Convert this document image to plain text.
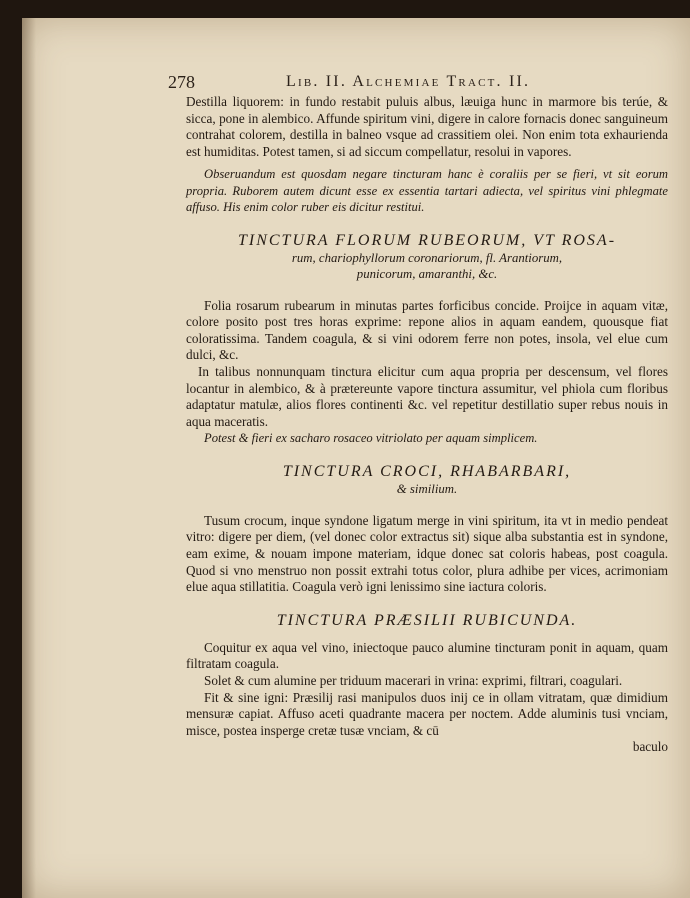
278	Lib. II. Alchemiae Tract. II.

Destilla liquorem: in fundo restabit puluis albus, læuiga hunc in marmore bis terúe, & sicca, pone in alembico. Affunde spiritum vini, digere in calore fornacis donec sanguineum contrahat colorem, destilla in balneo vsque ad crassitiem olei. Non enim tota exhaurienda est humiditas. Potest tamen, si ad siccum compellatur, resolui in vapores.

Obseruandum est quosdam negare tincturam hanc è coraliis per se fieri, vt sit eorum propria. Ruborem autem dicunt esse ex essentia tartari adiecta, vel spiritus vini phlegmate affuso. His enim color ruber eis dicitur restitui.

TINCTURA FLORUM RUBEORUM, VT ROSA-

rum, chariophyllorum coronariorum, fl. Arantiorum,

punicorum, amaranthi, &c.

Folia rosarum rubearum in minutas partes forficibus concide. Proijce in aquam vitæ, colore posito post tres horas exprime: repone alios in aquam eandem, quousque fiat coloratissima. Tandem coagula, & si vini odorem ferre non potes, insola, vel elue cum dulci, &c.

In talibus nonnunquam tinctura elicitur cum aqua propria per descensum, vel flores locantur in alembico, & à prætereunte vapore tinctura assumitur, vel phiola cum floribus adaptatur matulæ, alios flores continenti &c. vel repetitur destillatio super rebus nouis in aqua maceratis.

Potest & fieri ex sacharo rosaceo vitriolato per aquam simplicem.

TINCTURA CROCI, RHABARBARI,

& similium.

Tusum crocum, inque syndone ligatum merge in vini spiritum, ita vt in medio pendeat vitro: digere per diem, (vel donec color extractus sit) sique alba substantia est in syndone, eam exime, & nouam impone materiam, idque donec sat coloris habeas, post coagula. Quod si vno menstruo non possit extrahi totus color, plura adhibe per vices, acrimoniam elue aqua stillatitia. Coagula verò igni lenissimo sine iactura coloris.

TINCTURA PRÆSILII RUBICUNDA.

Coquitur ex aqua vel vino, iniectoque pauco alumine tincturam ponit in aquam, quam filtratam coagula.

Solet & cum alumine per triduum macerari in vrina: exprimi, filtrari, coagulari.

Fit & sine igni: Præsilij rasi manipulos duos inij ce in ollam vitratam, quæ dimidium mensuræ capiat. Affuso aceti quadrante macera per noctem. Adde aluminis tusi vnciam, misce, postea insperge cretæ tusæ vnciam, & cū

baculo
